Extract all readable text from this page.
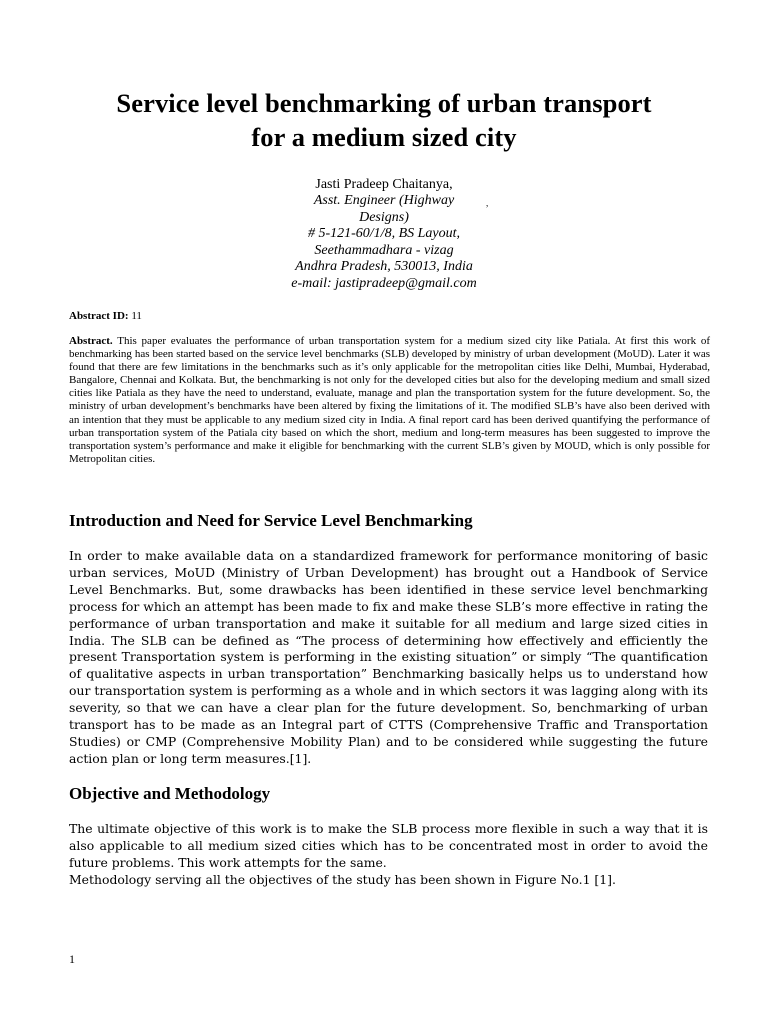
Service level benchmarking of urban transport
for a medium sized city
Jasti Pradeep Chaitanya,
Asst. Engineer (Highway
Designs)
# 5-121-60/1/8, BS Layout,
Seethammadhara - vizag
Andhra Pradesh, 530013, India
e-mail: jastipradeep@gmail.com
,
Abstract ID: 11
Abstract. This paper evaluates the performance of urban transportation system for a medium sized city like Patiala. At first this work of benchmarking has been started based on the service level benchmarks (SLB) developed by ministry of urban development (MoUD). Later it was found that there are few limitations in the benchmarks such as it’s only applicable for the metropolitan cities like Delhi, Mumbai, Hyderabad, Bangalore, Chennai and Kolkata. But, the benchmarking is not only for the developed cities but also for the developing medium and small sized cities like Patiala as they have the need to understand, evaluate, manage and plan the transportation system for the future development. So, the ministry of urban development’s benchmarks have been altered by fixing the limitations of it. The modified SLB’s have also been derived with an intention that they must be applicable to any medium sized city in India. A final report card has been derived quantifying the performance of urban transportation system of the Patiala city based on which the short, medium and long-term measures has been suggested to improve the transportation system’s performance and make it eligible for benchmarking with the current SLB’s given by MOUD, which is only possible for Metropolitan cities.
Introduction and Need for Service Level Benchmarking
In order to make available data on a standardized framework for performance monitoring of basic urban services, MoUD (Ministry of Urban Development) has brought out a Handbook of Service Level Benchmarks. But, some drawbacks has been identified in these service level benchmarking process for which an attempt has been made to fix and make these SLB’s more effective in rating the performance of urban transportation and make it suitable for all medium and large sized cities in India. The SLB can be defined as “The process of determining how effectively and efficiently the present Transportation system is performing in the existing situation” or simply “The quantification of qualitative aspects in urban transportation” Benchmarking basically helps us to understand how our transportation system is performing as a whole and in which sectors it was lagging along with its severity, so that we can have a clear plan for the future development. So, benchmarking of urban transport has to be made as an Integral part of CTTS (Comprehensive Traffic and Transportation Studies) or CMP (Comprehensive Mobility Plan) and to be considered while suggesting the future action plan or long term measures.[1].
Objective and Methodology
The ultimate objective of this work is to make the SLB process more flexible in such a way that it is also applicable to all medium sized cities which has to be concentrated most in order to avoid the future problems. This work attempts for the same.
Methodology serving all the objectives of the study has been shown in Figure No.1 [1].
1
